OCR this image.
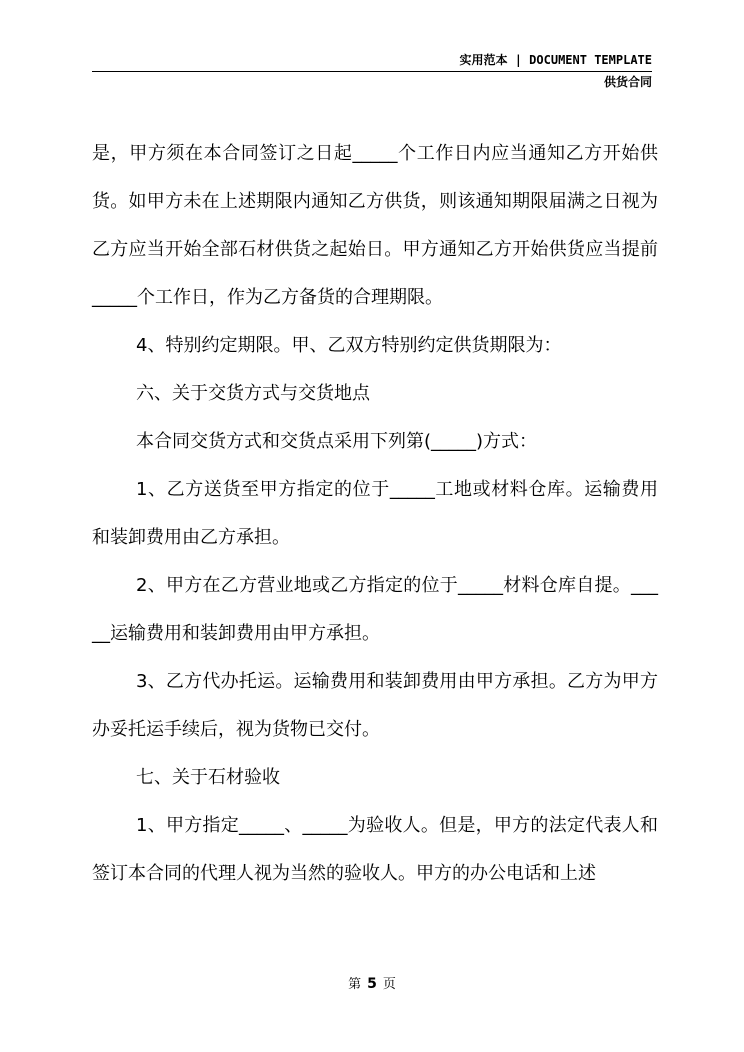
实用范本 | DOCUMENT TEMPLATE
供货合同

是，甲方须在本合同签订之日起_____个工作日内应当通知乙方开始供货。如甲方未在上述期限内通知乙方供货，则该通知期限届满之日视为乙方应当开始全部石材供货之起始日。甲方通知乙方开始供货应当提前_____个工作日，作为乙方备货的合理期限。

4、特别约定期限。甲、乙双方特别约定供货期限为：

六、关于交货方式与交货地点

本合同交货方式和交货点采用下列第(_____)方式：

1、乙方送货至甲方指定的位于_____工地或材料仓库。运输费用和装卸费用由乙方承担。

2、甲方在乙方营业地或乙方指定的位于_____材料仓库自提。_____运输费用和装卸费用由甲方承担。

3、乙方代办托运。运输费用和装卸费用由甲方承担。乙方为甲方办妥托运手续后，视为货物已交付。

七、关于石材验收

1、甲方指定_____、_____为验收人。但是，甲方的法定代表人和签订本合同的代理人视为当然的验收人。甲方的办公电话和上述

第 5 页
